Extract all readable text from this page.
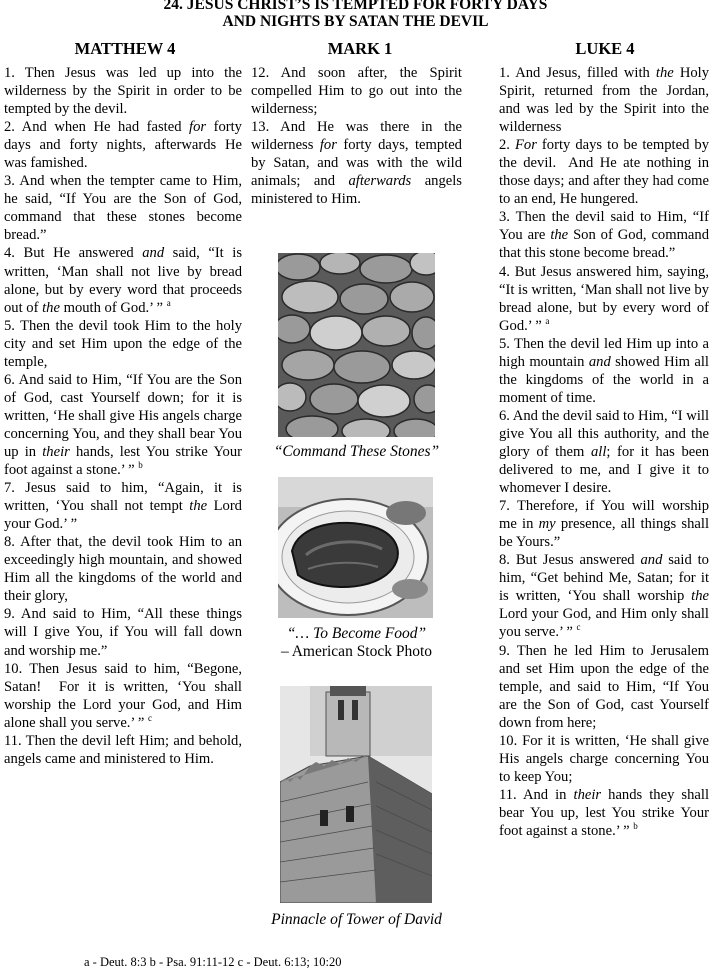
24. JESUS CHRIST’S IS TEMPTED FOR FORTY DAYS
AND NIGHTS BY SATAN THE DEVIL
MATTHEW 4	MARK 1	LUKE 4

1. Then Jesus was led up into the wilderness by the Spirit in order to be tempted by the devil.

2. And when He had fasted for forty days and forty nights, afterwards He was famished.

3. And when the tempter came to Him, he said, “If You are the Son of God, command that these stones become bread.”

4. But He answered and said, “It is written, ‘Man shall not live by bread alone, but by every word that proceeds out of the mouth of God.’ ” $^a$

5. Then the devil took Him to the holy city and set Him upon the edge of the temple,

6. And said to Him, “If You are the Son of God, cast Yourself down; for it is written, ‘He shall give His angels charge concerning You, and they shall bear You up in their hands, lest You strike Your foot against a stone.’ ” $^b$

7. Jesus said to him, “Again, it is written, ‘You shall not tempt the Lord your God.’ ”

8. After that, the devil took Him to an exceedingly high mountain, and showed Him all the kingdoms of the world and their glory,

9. And said to Him, “All these things will I give You, if You will fall down and worship me.”

10. Then Jesus said to him, “Begone, Satan!  For it is written, ‘You shall worship the Lord your God, and Him alone shall you serve.’ ” $^c$

11. Then the devil left Him; and behold, angels came and ministered to Him.

12. And soon after, the Spirit compelled Him to go out into the wilderness;

13. And He was there in the wilderness for forty days, tempted by Satan, and was with the wild animals; and afterwards angels ministered to Him.

1. And Jesus, filled with the Holy Spirit, returned from the Jordan, and was led by the Spirit into the wilderness

2. For forty days to be tempted by the devil.  And He ate nothing in those days; and after they had come to an end, He hungered.

3. Then the devil said to Him, “If You are the Son of God, command that this stone become bread.”

4. But Jesus answered him, saying, “It is written, ‘Man shall not live by bread alone, but by every word of God.’ ” $^a$

5. Then the devil led Him up into a high mountain and showed Him all the kingdoms of the world in a moment of time.

6. And the devil said to Him, “I will give You all this authority, and the glory of them all; for it has been delivered to me, and I give it to whomever I desire.

7. Therefore, if You will worship me in my presence, all things shall be Yours.”

8. But Jesus answered and said to him, “Get behind Me, Satan; for it is written, ‘You shall worship the Lord your God, and Him only shall you serve.’ ” $^c$

9. Then he led Him to Jerusalem and set Him upon the edge of the temple, and said to Him, “If You are the Son of God, cast Yourself down from here;

10. For it is written, ‘He shall give His angels charge concerning You to keep You;

11. And in their hands they shall bear You up, lest You strike Your foot against a stone.’ ” $^b$

“Command These Stones”
“… To Become Food”
– American Stock Photo
Pinnacle of Tower of David
a - Deut. 8:3 b - Psa. 91:11-12 c - Deut. 6:13; 10:20
